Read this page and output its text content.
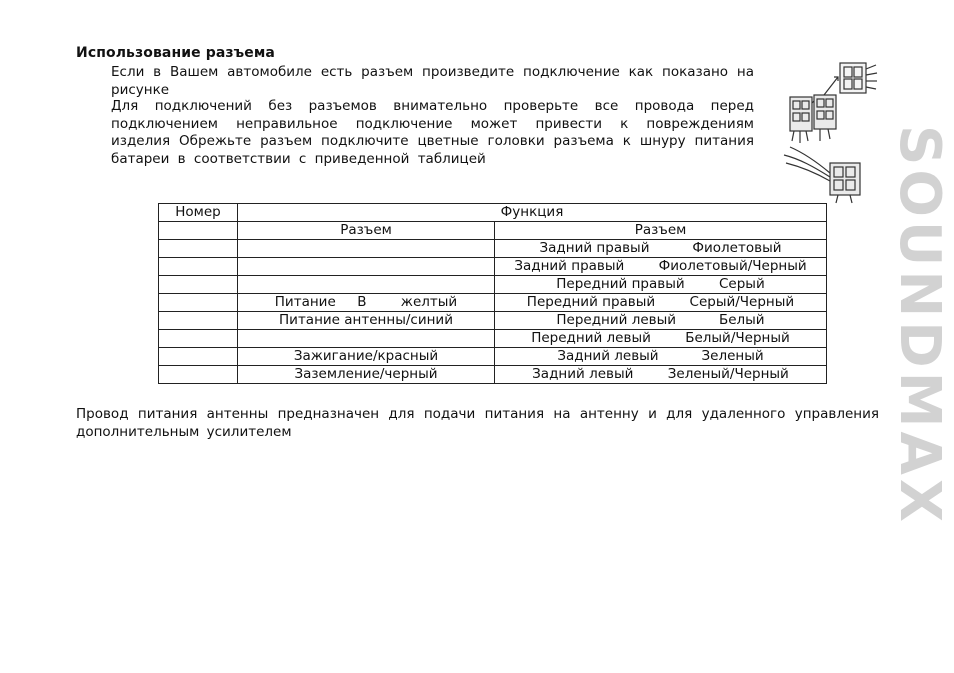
Использование разъема
Если в Вашем автомобиле есть разъем произведите подключение как показано на рисунке
Для подключений без разъемов внимательно проверьте все провода перед подключением неправильное подключение может привести к повреждениям изделия Обрежьте разъем подключите цветные головки разъема к шнуру питания батареи в соответствии с приведенной таблицей	SOUNDMAX
Номер	Функция	
	Разъем	Разъем
		Задний правый          Фиолетовый
		Задний правый        Фиолетовый/Черный
		Передний правый        Серый
	Питание     В        желтый	Передний правый        Серый/Черный
	Питание антенны/синий	Передний левый          Белый
		Передний левый        Белый/Черный
	Зажигание/красный	Задний левый          Зеленый
	Заземление/черный	Задний левый        Зеленый/Черный
Провод питания антенны предназначен для подачи питания на антенну и для удаленного управления дополнительным усилителем
